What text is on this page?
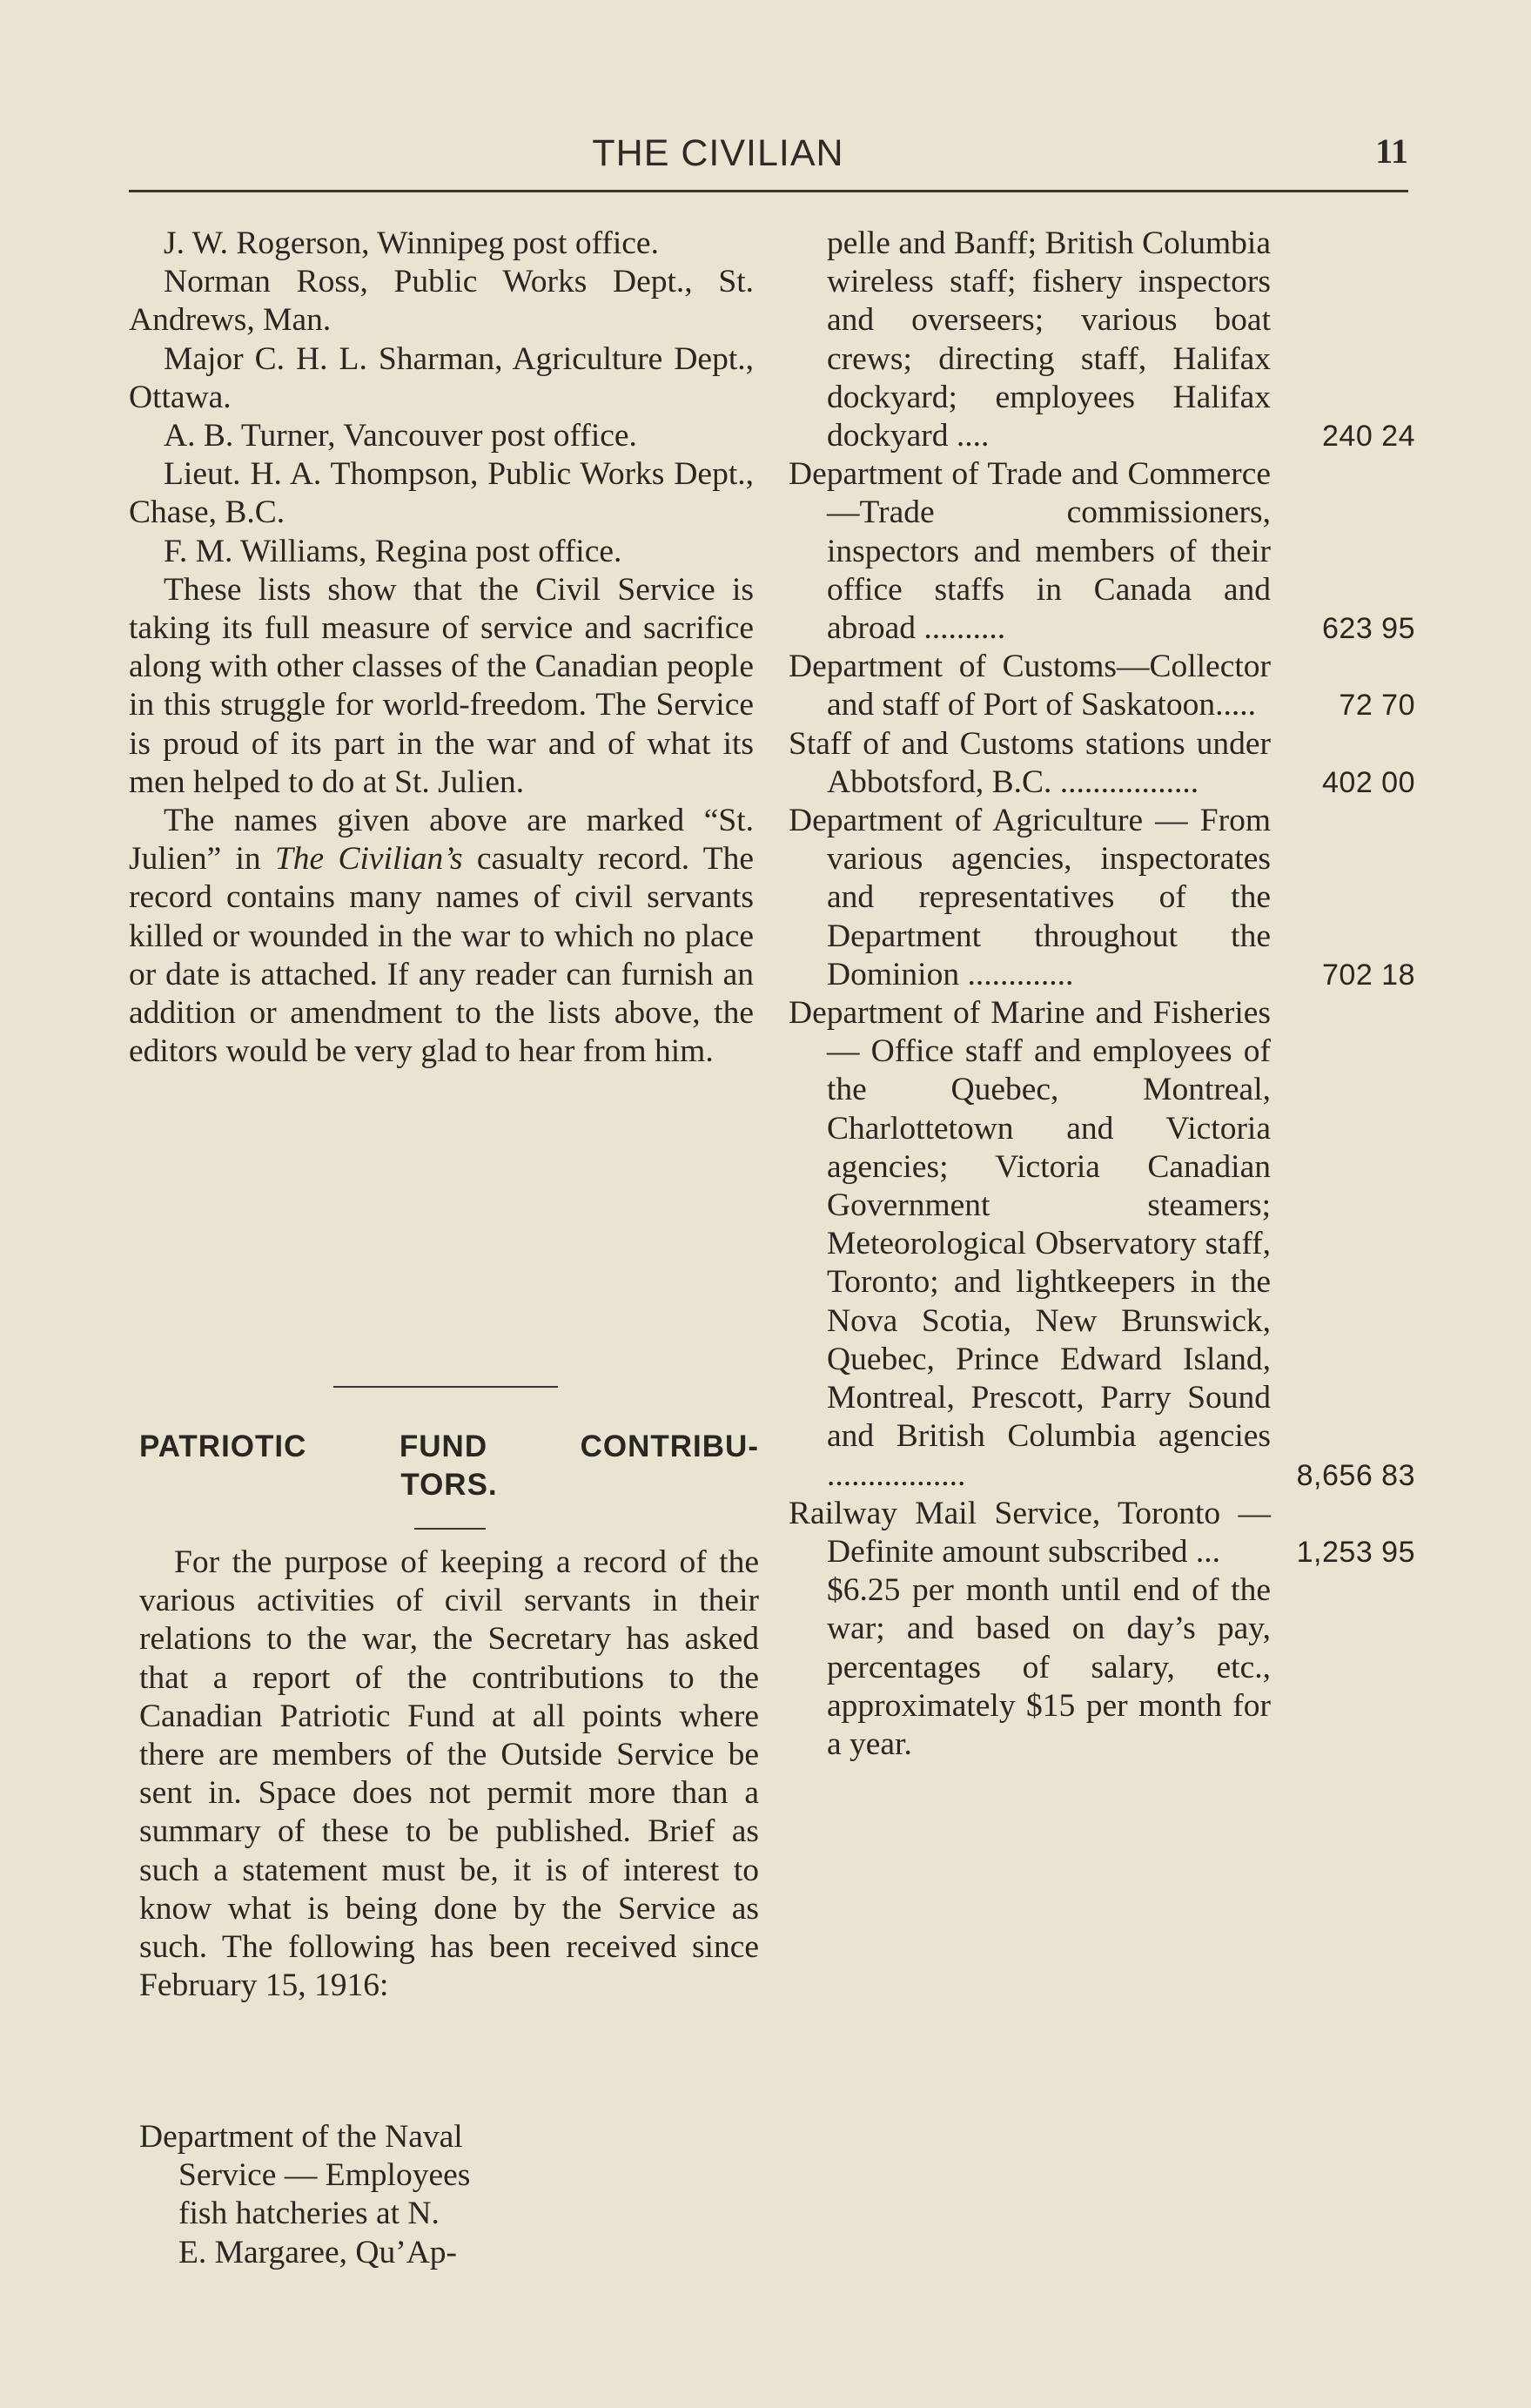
THE CIVILIAN	11

J. W. Rogerson, Winnipeg post office.

Norman Ross, Public Works Dept., St. Andrews, Man.

Major C. H. L. Sharman, Agriculture Dept., Ottawa.

A. B. Turner, Vancouver post office.

Lieut. H. A. Thompson, Public Works Dept., Chase, B.C.

F. M. Williams, Regina post office.

These lists show that the Civil Service is taking its full measure of service and sacrifice along with other classes of the Canadian people in this struggle for world-freedom. The Service is proud of its part in the war and of what its men helped to do at St. Julien.

The names given above are marked “St. Julien” in The Civilian’s casualty record. The record contains many names of civil servants killed or wounded in the war to which no place or date is attached. If any reader can furnish an addition or amendment to the lists above, the editors would be very glad to hear from him.

PATRIOTIC	FUND	CONTRIBU-
TORS.

For the purpose of keeping a record of the various activities of civil servants in their relations to the war, the Secretary has asked that a report of the contributions to the Canadian Patriotic Fund at all points where there are members of the Outside Service be sent in. Space does not permit more than a summary of these to be published. Brief as such a statement must be, it is of interest to know what is being done by the Service as such. The following has been received since February 15, 1916:

Department of the Naval
Service — Employees
fish hatcheries at N.
E. Margaree, Qu’Ap-
pelle and Banff; British Columbia wireless staff; fishery inspectors and overseers; various boat crews; directing staff, Halifax dockyard; employees Halifax dockyard ....	240 24
Department of Trade and Commerce—Trade commissioners, inspectors and members of their office staffs in Canada and abroad ..........	623 95
Department of Customs—Collector and staff of Port of Saskatoon.....	72 70
Staff of and Customs stations under Abbotsford, B.C. .................	402 00
Department of Agriculture — From various agencies, inspectorates and representatives of the Department throughout the Dominion .............	702 18
Department of Marine and Fisheries — Office staff and employees of the Quebec, Montreal, Charlottetown and Victoria agencies; Victoria Canadian Government steamers; Meteorological Observatory staff, Toronto; and lightkeepers in the Nova Scotia, New Brunswick, Quebec, Prince Edward Island, Montreal, Prescott, Parry Sound and British Columbia agencies .................	8,656 83
Railway Mail Service, Toronto — Definite amount subscribed ...	1,253 95
$6.25 per month until end of the war; and based on day’s pay, percentages of salary, etc., approximately $15 per month for a year.
